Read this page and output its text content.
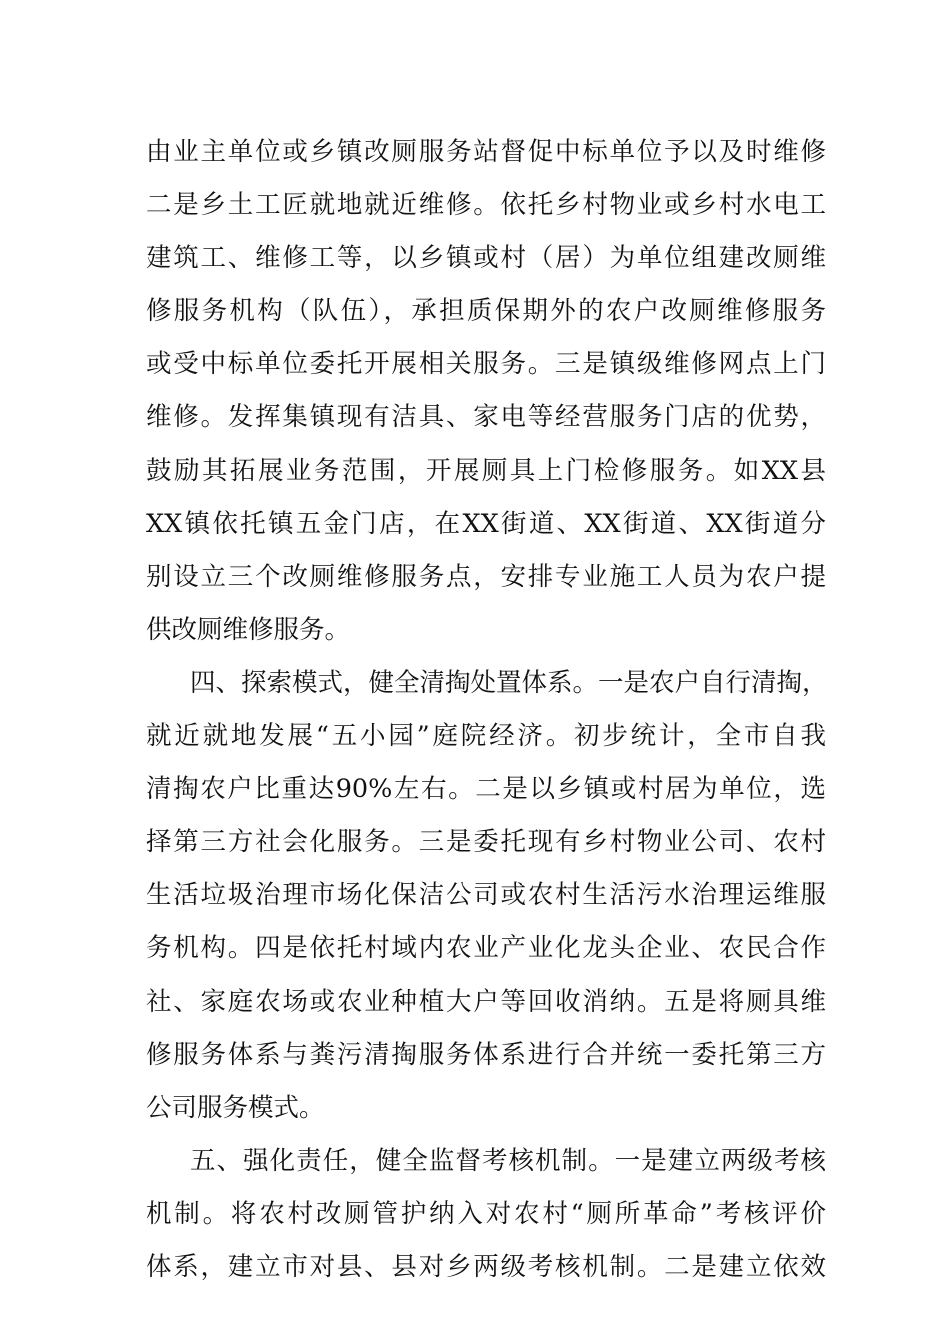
由业主单位或乡镇改厕服务站督促中标单位予以及时维修
二是乡土工匠就地就近维修。依托乡村物业或乡村水电工
建筑工、维修工等，以乡镇或村（居）为单位组建改厕维
修服务机构（队伍），承担质保期外的农户改厕维修服务
或受中标单位委托开展相关服务。三是镇级维修网点上门
维修。发挥集镇现有洁具、家电等经营服务门店的优势，
鼓励其拓展业务范围，开展厕具上门检修服务。如XX县
XX镇依托镇五金门店，在XX街道、XX街道、XX街道分
别设立三个改厕维修服务点，安排专业施工人员为农户提
供改厕维修服务。
四、探索模式，健全清掏处置体系。一是农户自行清掏，
就近就地发展“五小园”庭院经济。初步统计，全市自我
清掏农户比重达90%左右。二是以乡镇或村居为单位，选
择第三方社会化服务。三是委托现有乡村物业公司、农村
生活垃圾治理市场化保洁公司或农村生活污水治理运维服
务机构。四是依托村域内农业产业化龙头企业、农民合作
社、家庭农场或农业种植大户等回收消纳。五是将厕具维
修服务体系与粪污清掏服务体系进行合并统一委托第三方
公司服务模式。
五、强化责任，健全监督考核机制。一是建立两级考核
机制。将农村改厕管护纳入对农村“厕所革命”考核评价
体系，建立市对县、县对乡两级考核机制。二是建立依效
